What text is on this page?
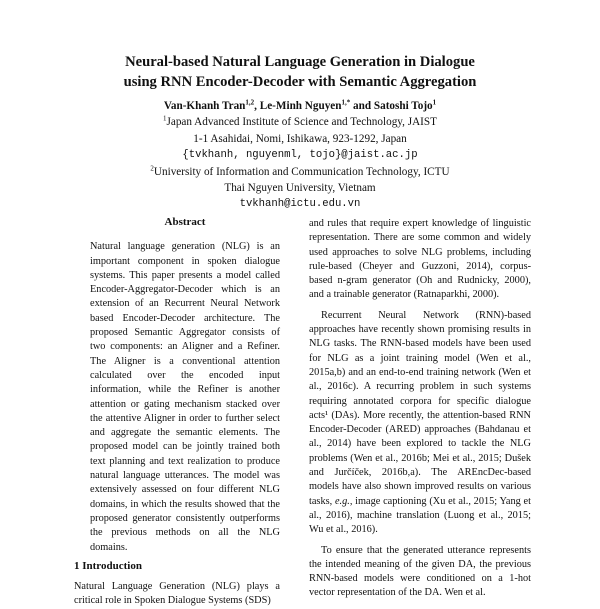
Neural-based Natural Language Generation in Dialogue
using RNN Encoder-Decoder with Semantic Aggregation
Van-Khanh Tran$^{1,2}$, Le-Minh Nguyen$^{1,*}$ and Satoshi Tojo$^1$
$^1$Japan Advanced Institute of Science and Technology, JAIST
1-1 Asahidai, Nomi, Ishikawa, 923-1292, Japan
{tvkhanh, nguyenml, tojo}@jaist.ac.jp
$^2$University of Information and Communication Technology, ICTU
Thai Nguyen University, Vietnam
tvkhanh@ictu.edu.vn
Abstract

Natural language generation (NLG) is an important component in spoken dialogue systems. This paper presents a model called Encoder-Aggregator-Decoder which is an extension of an Recurrent Neural Network based Encoder-Decoder architecture. The proposed Semantic Aggregator consists of two components: an Aligner and a Refiner. The Aligner is a conventional attention calculated over the encoded input information, while the Refiner is another attention or gating mechanism stacked over the attentive Aligner in order to further select and aggregate the semantic elements. The proposed model can be jointly trained both text planning and text realization to produce natural language utterances. The model was extensively assessed on four different NLG domains, in which the results showed that the proposed generator consistently outperforms the previous methods on all the NLG domains.

1 Introduction
Natural Language Generation (NLG) plays a critical role in Spoken Dialogue Systems (SDS)

and rules that require expert knowledge of linguistic representation. There are some common and widely used approaches to solve NLG problems, including rule-based (Cheyer and Guzzoni, 2014), corpus-based n-gram generator (Oh and Rudnicky, 2000), and a trainable generator (Ratnaparkhi, 2000).

Recurrent Neural Network (RNN)-based approaches have recently shown promising results in NLG tasks. The RNN-based models have been used for NLG as a joint training model (Wen et al., 2015a,b) and an end-to-end training network (Wen et al., 2016c). A recurring problem in such systems requiring annotated corpora for specific dialogue acts¹ (DAs). More recently, the attention-based RNN Encoder-Decoder (ARED) approaches (Bahdanau et al., 2014) have been explored to tackle the NLG problems (Wen et al., 2016b; Mei et al., 2015; Dušek and Jurčíček, 2016b,a). The AREncDec-based models have also shown improved results on various tasks, e.g., image captioning (Xu et al., 2015; Yang et al., 2016), machine translation (Luong et al., 2015; Wu et al., 2016).

To ensure that the generated utterance represents the intended meaning of the given DA, the previous RNN-based models were conditioned on a 1-hot vector representation of the DA. Wen et al.
